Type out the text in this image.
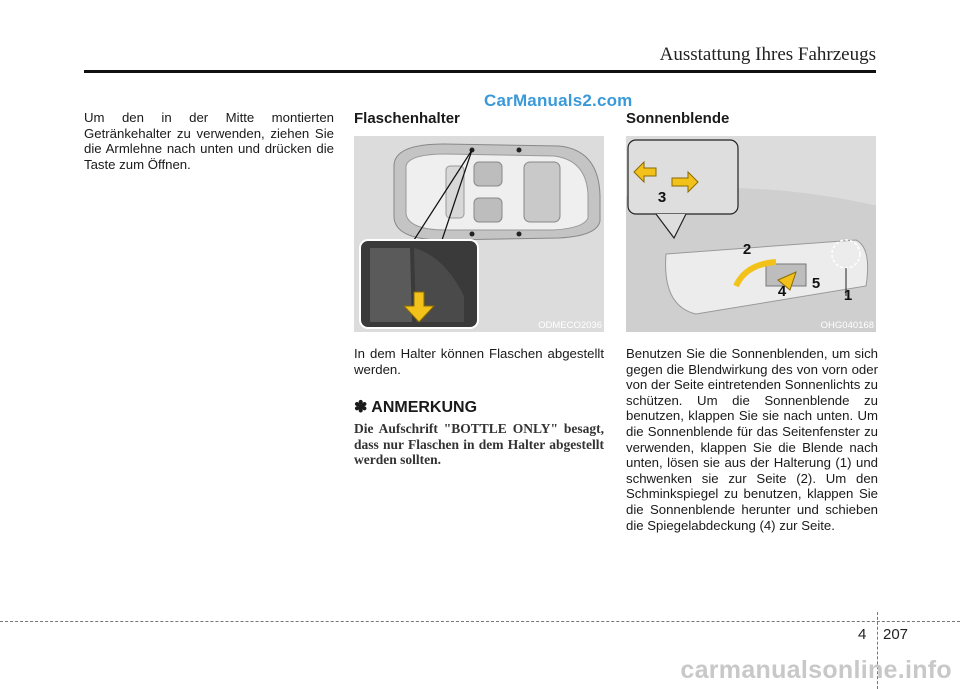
Ausstattung Ihres Fahrzeugs
CarManuals2.com

Um den in der Mitte montierten Getränkehalter zu verwenden, ziehen Sie die Armlehne nach unten und drücken die Taste zum Öffnen.

Flaschenhalter
ODMECO2036

In dem Halter können Flaschen abgestellt werden.

✽ ANMERKUNG

Die Aufschrift "BOTTLE ONLY" besagt, dass nur Flaschen in dem Halter abgestellt werden sollten.

Sonnenblende
1
2
3
4 5
OHG040168

Benutzen Sie die Sonnenblenden, um sich gegen die Blendwirkung des von vorn oder von der Seite eintretenden Sonnenlichts zu schützen. Um die Sonnenblende zu benutzen, klappen Sie sie nach unten. Um die Sonnenblende für das Seitenfenster zu verwenden, klappen Sie die Blende nach unten, lösen sie aus der Halterung (1) und schwenken sie zur Seite (2). Um den Schminkspiegel zu benutzen, klappen Sie die Sonnenblende herunter und schieben die Spiegelabdeckung (4) zur Seite.

4 207
carmanualsonline.info
